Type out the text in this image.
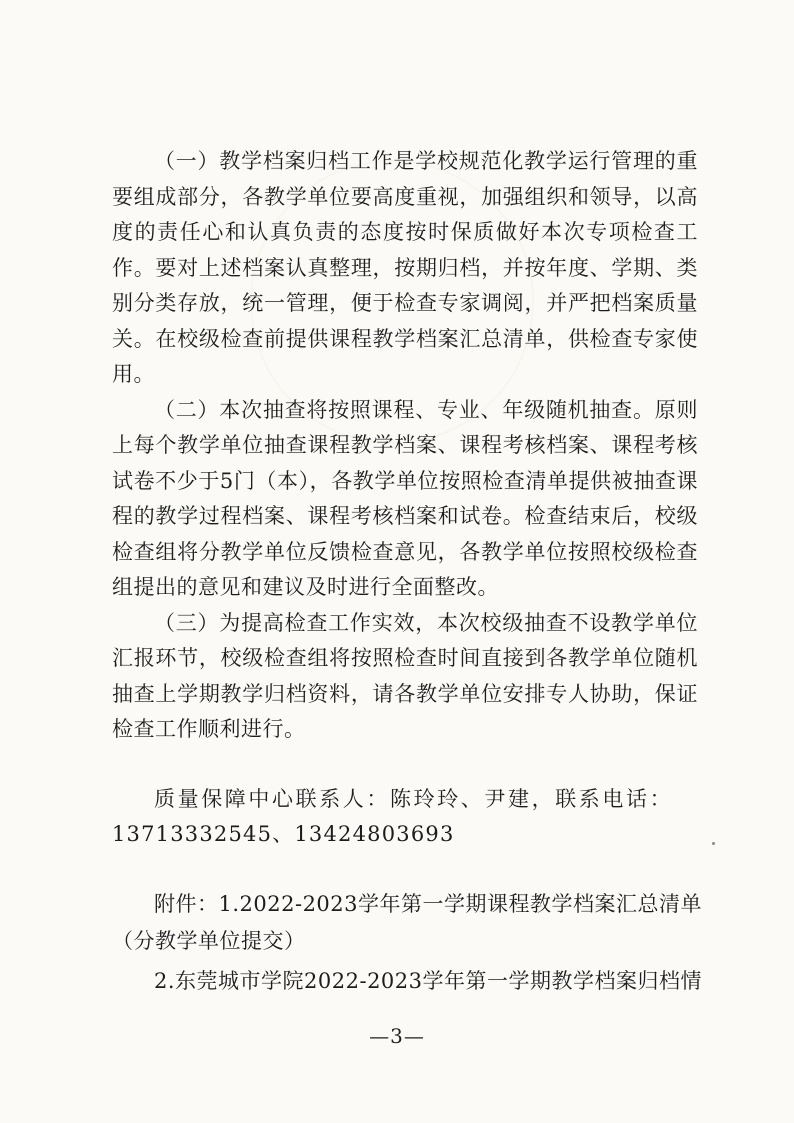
（一）教学档案归档工作是学校规范化教学运行管理的重要组成部分，各教学单位要高度重视，加强组织和领导，以高度的责任心和认真负责的态度按时保质做好本次专项检查工作。要对上述档案认真整理，按期归档，并按年度、学期、类别分类存放，统一管理，便于检查专家调阅，并严把档案质量关。在校级检查前提供课程教学档案汇总清单，供检查专家使用。

（二）本次抽查将按照课程、专业、年级随机抽查。原则上每个教学单位抽查课程教学档案、课程考核档案、课程考核试卷不少于5门（本），各教学单位按照检查清单提供被抽查课程的教学过程档案、课程考核档案和试卷。检查结束后，校级检查组将分教学单位反馈检查意见，各教学单位按照校级检查组提出的意见和建议及时进行全面整改。

（三）为提高检查工作实效，本次校级抽查不设教学单位汇报环节，校级检查组将按照检查时间直接到各教学单位随机抽查上学期教学归档资料，请各教学单位安排专人协助，保证检查工作顺利进行。

质量保障中心联系人：陈玲玲、尹建，联系电话：
13713332545、13424803693
附件：1.2022-2023学年第一学期课程教学档案汇总清单
（分教学单位提交）
2.东莞城市学院2022-2023学年第一学期教学档案归档情
—3—
